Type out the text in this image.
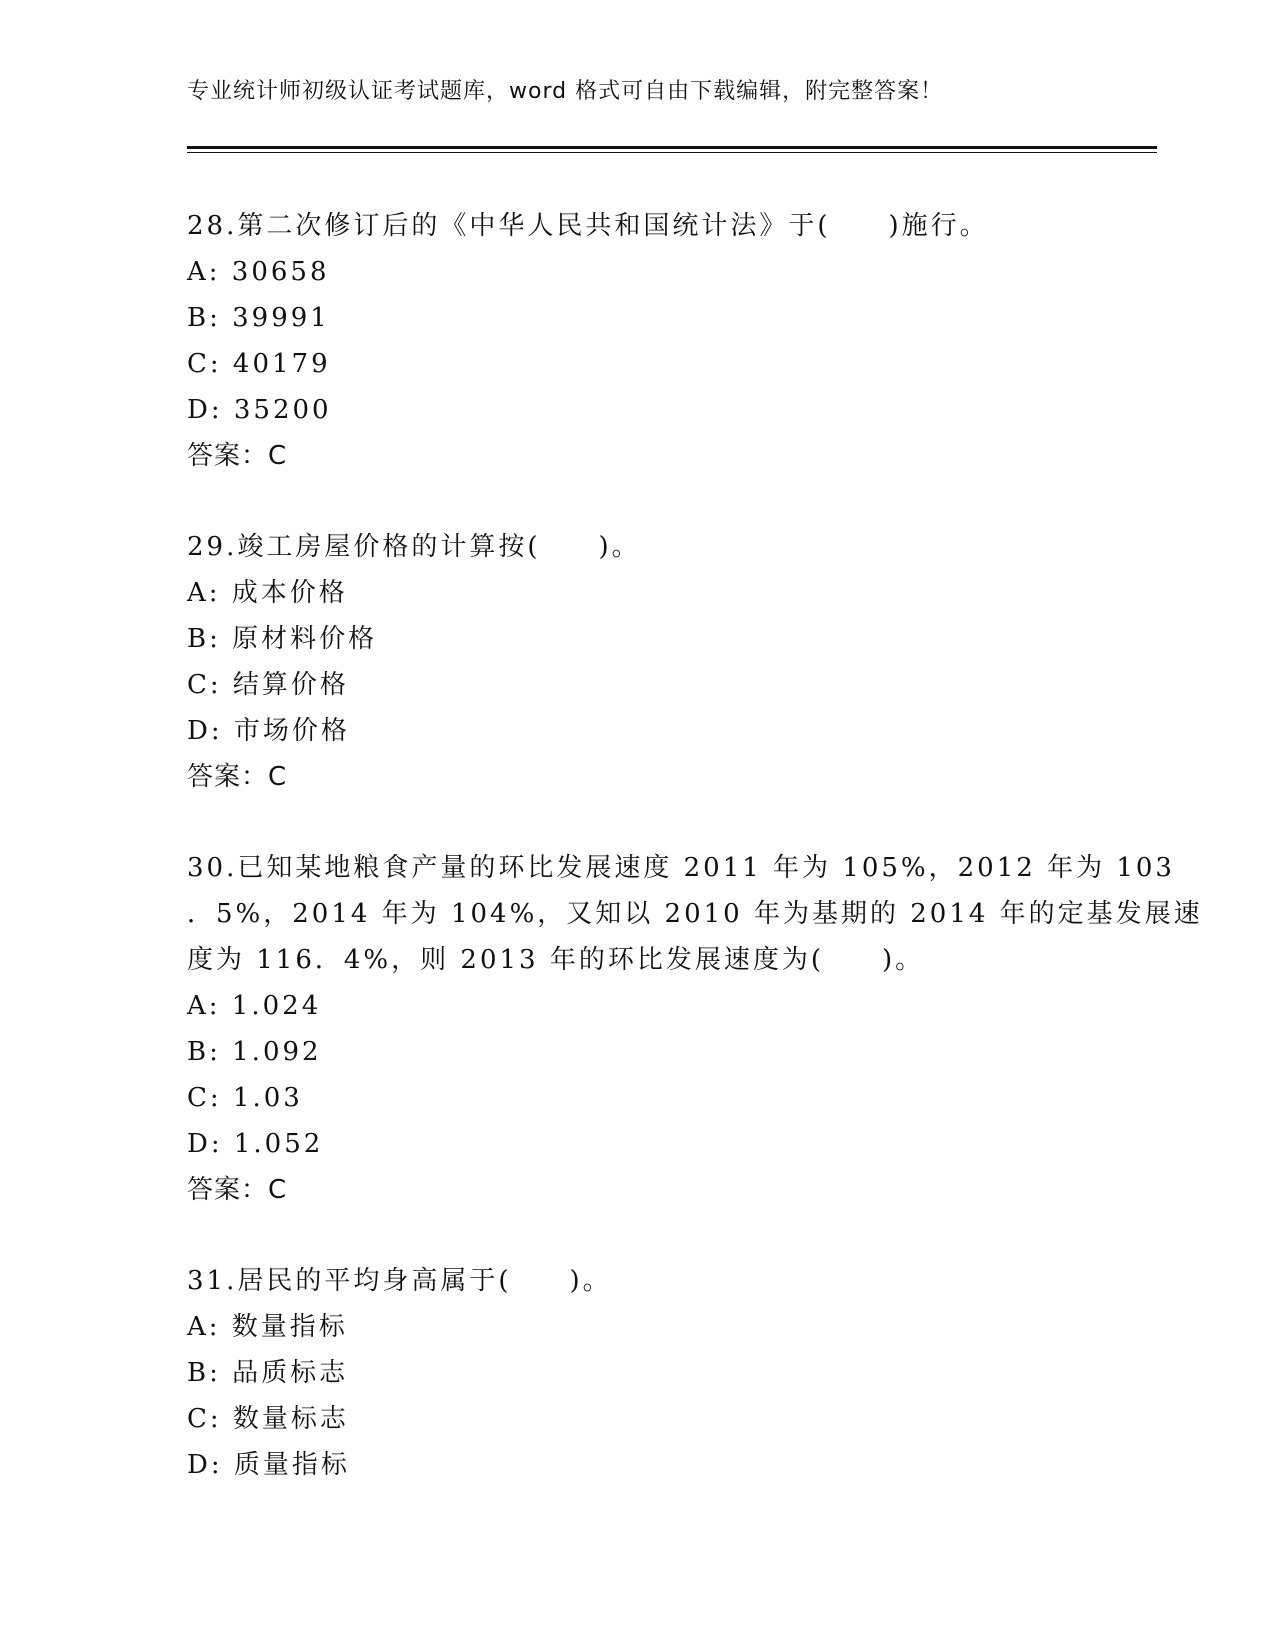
专业统计师初级认证考试题库，word 格式可自由下载编辑，附完整答案！
28.第二次修订后的《中华人民共和国统计法》于(　　)施行。
A: 30658
B: 39991
C: 40179
D: 35200
答案：C
29.竣工房屋价格的计算按(　　)。
A: 成本价格
B: 原材料价格
C: 结算价格
D: 市场价格
答案：C
30.已知某地粮食产量的环比发展速度 2011 年为 105%，2012 年为 103
．5%，2014 年为 104%，又知以 2010 年为基期的 2014 年的定基发展速
度为 116．4%，则 2013 年的环比发展速度为(　　)。
A: 1.024
B: 1.092
C: 1.03
D: 1.052
答案：C
31.居民的平均身高属于(　　)。
A: 数量指标
B: 品质标志
C: 数量标志
D: 质量指标
